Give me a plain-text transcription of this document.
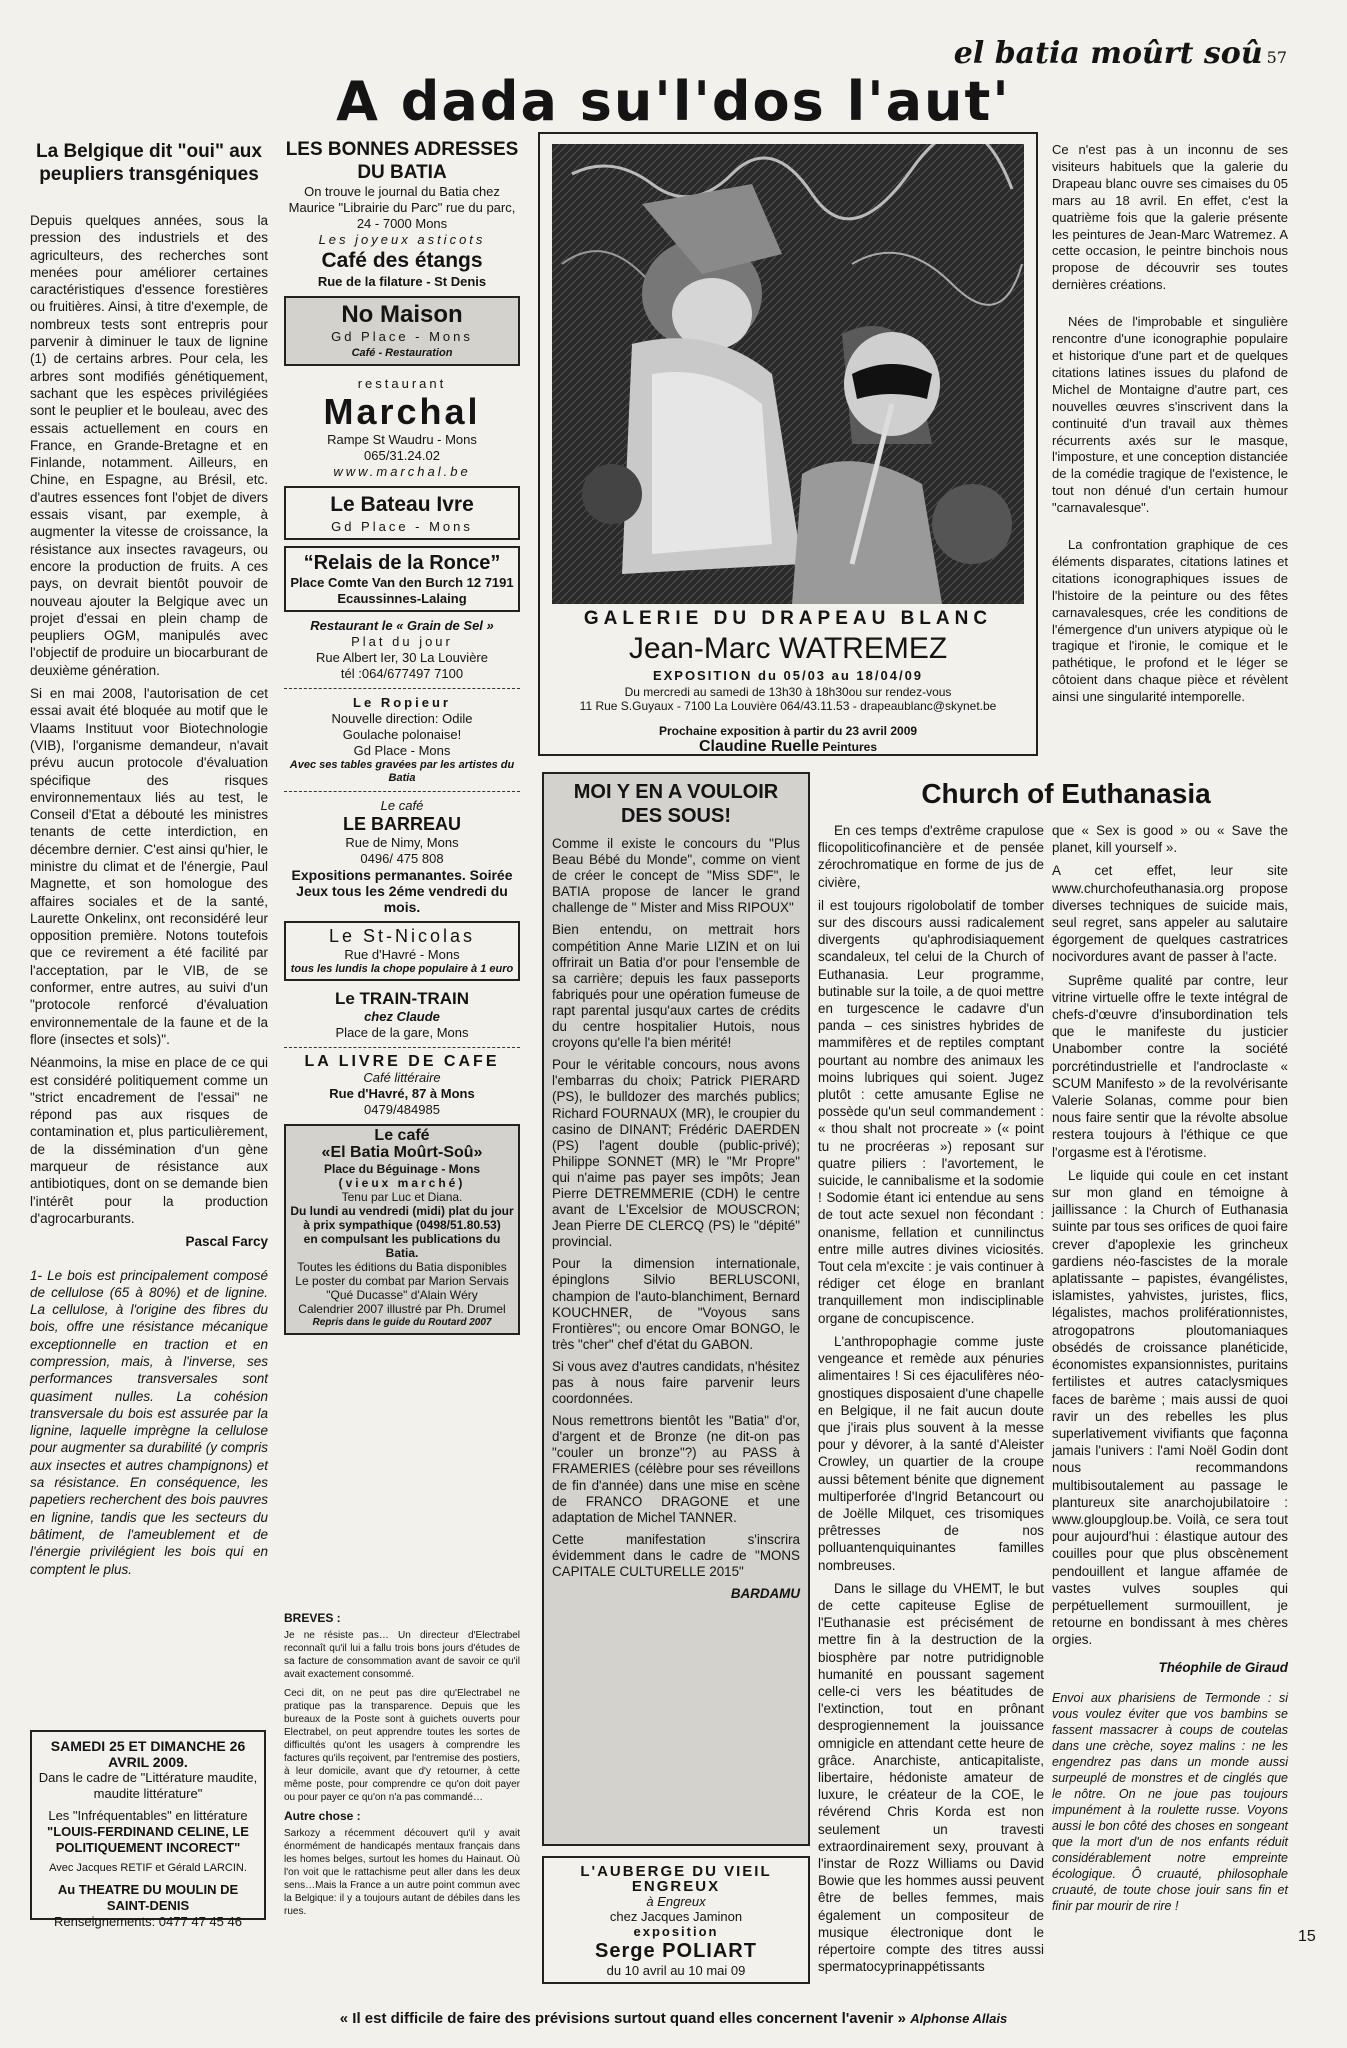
el batia moûrt soû 57
A dada su'l'dos l'aut'
La Belgique dit "oui" aux peupliers transgéniques

Depuis quelques années, sous la pression des industriels et des agriculteurs, des recherches sont menées pour améliorer certaines caractéristiques d'essence forestières ou fruitières. Ainsi, à titre d'exemple, de nombreux tests sont entrepris pour parvenir à diminuer le taux de lignine (1) de certains arbres. Pour cela, les arbres sont modifiés génétiquement, sachant que les espèces privilégiées sont le peuplier et le bouleau, avec des essais actuellement en cours en France, en Grande-Bretagne et en Finlande, notamment. Ailleurs, en Chine, en Espagne, au Brésil, etc. d'autres essences font l'objet de divers essais visant, par exemple, à augmenter la vitesse de croissance, la résistance aux insectes ravageurs, ou encore la production de fruits. A ces pays, on devrait bientôt pouvoir de nouveau ajouter la Belgique avec un projet d'essai en plein champ de peupliers OGM, manipulés avec l'objectif de produire un biocarburant de deuxième génération.

Si en mai 2008, l'autorisation de cet essai avait été bloquée au motif que le Vlaams Instituut voor Biotechnologie (VIB), l'organisme demandeur, n'avait prévu aucun protocole d'évaluation spécifique des risques environnementaux liés au test, le Conseil d'Etat a débouté les ministres tenants de cette interdiction, en décembre dernier. C'est ainsi qu'hier, le ministre du climat et de l'énergie, Paul Magnette, et son homologue des affaires sociales et de la santé, Laurette Onkelinx, ont reconsidéré leur opposition première. Notons toutefois que ce revirement a été facilité par l'acceptation, par le VIB, de se conformer, entre autres, au suivi d'un "protocole renforcé d'évaluation environnementale de la faune et de la flore (insectes et sols)".

Néanmoins, la mise en place de ce qui est considéré politiquement comme un "strict encadrement de l'essai" ne répond pas aux risques de contamination et, plus particulièrement, de la dissémination d'un gène marqueur de résistance aux antibiotiques, dont on se demande bien l'intérêt pour la production d'agrocarburants.

Pascal Farcy

1- Le bois est principalement composé de cellulose (65 à 80%) et de lignine. La cellulose, à l'origine des fibres du bois, offre une résistance mécanique exceptionnelle en traction et en compression, mais, à l'inverse, ses performances transversales sont quasiment nulles. La cohésion transversale du bois est assurée par la lignine, laquelle imprègne la cellulose pour augmenter sa durabilité (y compris aux insectes et autres champignons) et sa résistance. En conséquence, les papetiers recherchent des bois pauvres en lignine, tandis que les secteurs du bâtiment, de l'ameublement et de l'énergie privilégient les bois qui en comptent le plus.

SAMEDI 25 ET DIMANCHE 26 AVRIL 2009.
Dans le cadre de "Littérature maudite, maudite littérature"
Les "Infréquentables" en littérature
"LOUIS-FERDINAND CELINE, LE POLITIQUEMENT INCORECT"
Avec Jacques RETIF et Gérald LARCIN.
Au THEATRE DU MOULIN DE SAINT-DENIS
Renseignements: 0477 47 45 46
LES BONNES ADRESSES DU BATIA
On trouve le journal du Batia chez Maurice "Librairie du Parc" rue du parc, 24 - 7000 Mons
Les joyeux asticots
Café des étangs
Rue de la filature - St Denis
No Maison
Gd Place - Mons
Café - Restauration
restaurant
Marchal
Rampe St Waudru - Mons
065/31.24.02
www.marchal.be
Le Bateau Ivre
Gd Place - Mons
“Relais de la Ronce”
Place Comte Van den Burch 12 7191 Ecaussinnes-Lalaing
Restaurant le « Grain de Sel »
Plat du jour
Rue Albert Ier, 30 La Louvière
tél :064/677497 7100
Le Ropieur
Nouvelle direction: Odile
Goulache polonaise!
Gd Place - Mons
Avec ses tables gravées par les artistes du Batia
Le café
LE BARREAU
Rue de Nimy, Mons
0496/ 475 808
Expositions permanantes. Soirée Jeux tous les 2éme vendredi du mois.
Le St-Nicolas
Rue d'Havré - Mons
tous les lundis la chope populaire à 1 euro
Le TRAIN-TRAIN
chez Claude
Place de la gare, Mons
LA LIVRE DE CAFE
Café littéraire
Rue d'Havré, 87 à Mons
0479/484985
Le café
«El Batia Moûrt-Soû»
Place du Béguinage - Mons
(vieux marché)
Tenu par Luc et Diana.
Du lundi au vendredi (midi) plat du jour à prix sympathique (0498/51.80.53)
en compulsant les publications du Batia.
Toutes les éditions du Batia disponibles
Le poster du combat par Marion Servais
"Qué Ducasse" d'Alain Wéry
Calendrier 2007 illustré par Ph. Drumel
Repris dans le guide du Routard 2007
BREVES :

Je ne résiste pas… Un directeur d'Electrabel reconnaît qu'il lui a fallu trois bons jours d'études de sa facture de consommation avant de savoir ce qu'il avait exactement consommé.

Ceci dit, on ne peut pas dire qu'Electrabel ne pratique pas la transparence. Depuis que les bureaux de la Poste sont à guichets ouverts pour Electrabel, on peut apprendre toutes les sortes de difficultés qu'ont les usagers à comprendre les factures qu'ils reçoivent, par l'entremise des postiers, à leur domicile, avant que d'y retourner, à cette même poste, pour comprendre ce qu'on doit payer ou pour payer ce qu'on n'a pas commandé…

Autre chose :

Sarkozy a récemment découvert qu'il y avait énormément de handicapés mentaux français dans les homes belges, surtout les homes du Hainaut. Où l'on voit que le rattachisme peut aller dans les deux sens…Mais la France a un autre point commun avec la Belgique: il y a toujours autant de débiles dans les rues.

GALERIE DU DRAPEAU BLANC
Jean-Marc WATREMEZ
EXPOSITION du 05/03 au 18/04/09
Du mercredi au samedi de 13h30 à 18h30ou sur rendez-vous
11 Rue S.Guyaux - 7100 La Louvière 064/43.11.53 - drapeaublanc@skynet.be
Prochaine exposition à partir du 23 avril 2009
Claudine Ruelle Peintures

Ce n'est pas à un inconnu de ses visiteurs habituels que la galerie du Drapeau blanc ouvre ses cimaises du 05 mars au 18 avril. En effet, c'est la quatrième fois que la galerie présente les peintures de Jean-Marc Watremez. A cette occasion, le peintre binchois nous propose de découvrir ses toutes dernières créations.

Nées de l'improbable et singulière rencontre d'une iconographie populaire et historique d'une part et de quelques citations latines issues du plafond de Michel de Montaigne d'autre part, ces nouvelles œuvres s'inscrivent dans la continuité d'un travail aux thèmes récurrents axés sur le masque, l'imposture, et une conception distanciée de la comédie tragique de l'existence, le tout non dénué d'un certain humour "carnavalesque".

La confrontation graphique de ces éléments disparates, citations latines et citations iconographiques issues de l'histoire de la peinture ou des fêtes carnavalesques, crée les conditions de l'émergence d'un univers atypique où le tragique et l'ironie, le comique et le pathétique, le profond et le léger se côtoient dans chaque pièce et révèlent ainsi une singularité intemporelle.

MOI Y EN A VOULOIR DES SOUS!

Comme il existe le concours du "Plus Beau Bébé du Monde", comme on vient de créer le concept de "Miss SDF", le BATIA propose de lancer le grand challenge de " Mister and Miss RIPOUX"

Bien entendu, on mettrait hors compétition Anne Marie LIZIN et on lui offrirait un Batia d'or pour l'ensemble de sa carrière; depuis les faux passeports fabriqués pour une opération fumeuse de rapt parental jusqu'aux cartes de crédits du centre hospitalier Hutois, nous croyons qu'elle l'a bien mérité!

Pour le véritable concours, nous avons l'embarras du choix; Patrick PIERARD (PS), le bulldozer des marchés publics; Richard FOURNAUX (MR), le croupier du casino de DINANT; Frédéric DAERDEN (PS) l'agent double (public-privé); Philippe SONNET (MR) le "Mr Propre" qui n'aime pas payer ses impôts; Jean Pierre DETREMMERIE (CDH) le centre avant de L'Excelsior de MOUSCRON; Jean Pierre DE CLERCQ (PS) le "dépité" provincial.

Pour la dimension internationale, épinglons Silvio BERLUSCONI, champion de l'auto-blanchiment, Bernard KOUCHNER, de "Voyous sans Frontières"; ou encore Omar BONGO, le très "cher" chef d'état du GABON.

Si vous avez d'autres candidats, n'hésitez pas à nous faire parvenir leurs coordonnées.

Nous remettrons bientôt les "Batia" d'or, d'argent et de Bronze (ne dit-on pas "couler un bronze"?) au PASS à FRAMERIES (célèbre pour ses réveillons de fin d'année) dans une mise en scène de FRANCO DRAGONE et une adaptation de Michel TANNER.

Cette manifestation s'inscrira évidemment dans le cadre de "MONS CAPITALE CULTURELLE 2015"

BARDAMU
L'AUBERGE DU VIEIL ENGREUX
à Engreux
chez Jacques Jaminon
exposition
Serge POLIART
du 10 avril au 10 mai 09
Church of Euthanasia

En ces temps d'extrême crapulose flicopoliticofinancière et de pensée zérochromatique en forme de jus de civière,

il est toujours rigolobolatif de tomber sur des discours aussi radicalement divergents qu'aphrodisiaquement scandaleux, tel celui de la Church of Euthanasia. Leur programme, butinable sur la toile, a de quoi mettre en turgescence le cadavre d'un panda – ces sinistres hybrides de mammifères et de reptiles comptant pourtant au nombre des animaux les moins lubriques qui soient. Jugez plutôt : cette amusante Eglise ne possède qu'un seul commandement : « thou shalt not procreate » (« point tu ne procréeras ») reposant sur quatre piliers : l'avortement, le suicide, le cannibalisme et la sodomie ! Sodomie étant ici entendue au sens de tout acte sexuel non fécondant : onanisme, fellation et cunnilinctus entre mille autres divines viciosités. Tout cela m'excite : je vais continuer à rédiger cet éloge en branlant tranquillement mon indisciplinable organe de concupiscence.

L'anthropophagie comme juste vengeance et remède aux pénuries alimentaires ! Si ces éjaculifères néo-gnostiques disposaient d'une chapelle en Belgique, il ne fait aucun doute que j'irais plus souvent à la messe pour y dévorer, à la santé d'Aleister Crowley, un quartier de la croupe aussi bêtement bénite que dignement multiperforée d'Ingrid Betancourt ou de Joëlle Milquet, ces trisomiques prêtresses de nos polluantenquiquinantes familles nombreuses.

Dans le sillage du VHEMT, le but de cette capiteuse Eglise de l'Euthanasie est précisément de mettre fin à la destruction de la biosphère par notre putridignoble humanité en poussant sagement celle-ci vers les béatitudes de l'extinction, tout en prônant desprogiennement la jouissance omnigicle en attendant cette heure de grâce. Anarchiste, anticapitaliste, libertaire, hédoniste amateur de luxure, le créateur de la COE, le révérend Chris Korda est non seulement un travesti extraordinairement sexy, prouvant à l'instar de Rozz Williams ou David Bowie que les hommes aussi peuvent être de belles femmes, mais également un compositeur de musique électronique dont le répertoire compte des titres aussi spermatocyprinappétissants

que « Sex is good » ou « Save the planet, kill yourself ».

A cet effet, leur site www.churchofeuthanasia.org propose diverses techniques de suicide mais, seul regret, sans appeler au salutaire égorgement de quelques castratrices nocivordures avant de passer à l'acte.

Suprême qualité par contre, leur vitrine virtuelle offre le texte intégral de chefs-d'œuvre d'insubordination tels que le manifeste du justicier Unabomber contre la société porcrétindustrielle et l'androclaste « SCUM Manifesto » de la revolvérisante Valerie Solanas, comme pour bien nous faire sentir que la révolte absolue restera toujours à l'éthique ce que l'orgasme est à l'érotisme.

Le liquide qui coule en cet instant sur mon gland en témoigne à jaillissance : la Church of Euthanasia suinte par tous ses orifices de quoi faire crever d'apoplexie les grincheux gardiens néo-fascistes de la morale aplatissante – papistes, évangélistes, islamistes, yahvistes, juristes, flics, légalistes, machos proliférationnistes, atrogopatrons ploutomaniaques obsédés de croissance planéticide, économistes expansionnistes, puritains fertilistes et autres cataclysmiques faces de barème ; mais aussi de quoi ravir un des rebelles les plus superlativement vivifiants que façonna jamais l'univers : l'ami Noël Godin dont nous recommandons multibisoutalement au passage le plantureux site anarchojubilatoire : www.gloupgloup.be. Voilà, ce sera tout pour aujourd'hui : élastique autour des couilles pour que plus obscènement pendouillent et langue affamée de vastes vulves souples qui perpétuellement surmouillent, je retourne en bondissant à mes chères orgies.

Théophile de Giraud

Envoi aux pharisiens de Termonde : si vous voulez éviter que vos bambins se fassent massacrer à coups de coutelas dans une crèche, soyez malins : ne les engendrez pas dans un monde aussi surpeuplé de monstres et de cinglés que le nôtre. On ne joue pas toujours impunément à la roulette russe. Voyons aussi le bon côté des choses en songeant que la mort d'un de nos enfants réduit considérablement notre empreinte écologique. Ô cruauté, philosophale cruauté, de toute chose jouir sans fin et finir par mourir de rire !

15
« Il est difficile de faire des prévisions surtout quand elles concernent l'avenir » Alphonse Allais
